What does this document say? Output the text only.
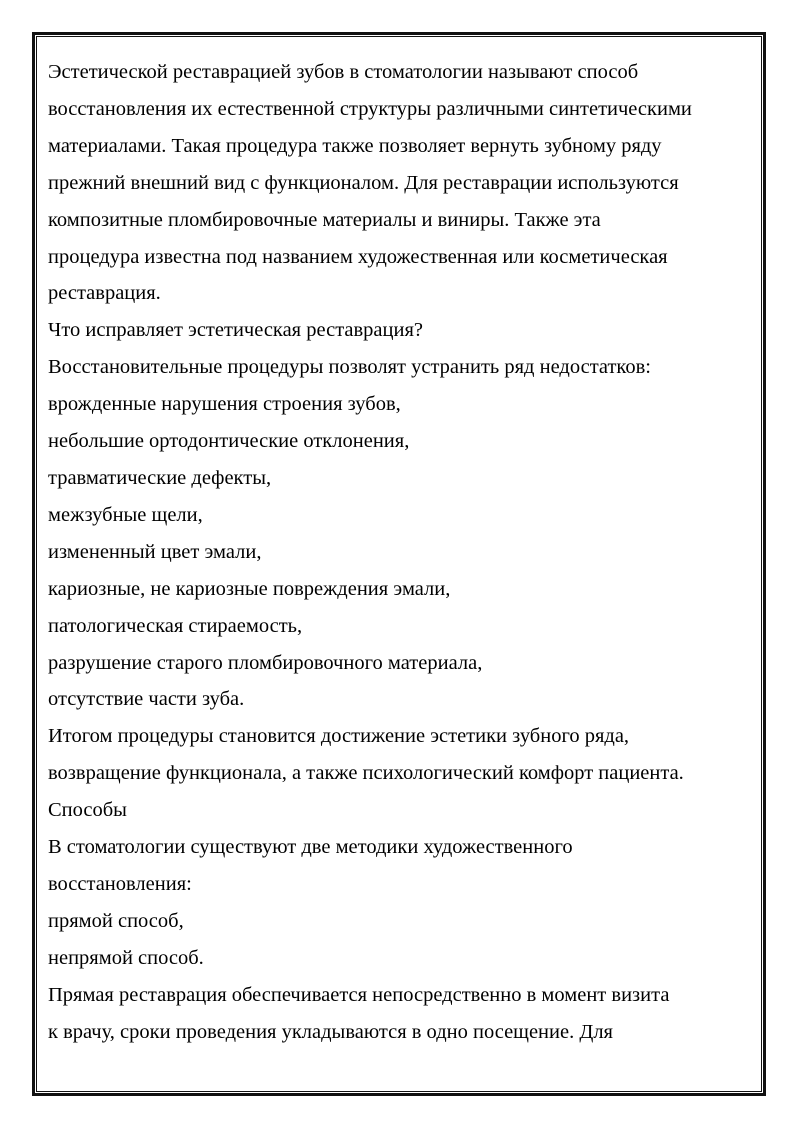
Эстетической реставрацией зубов в стоматологии называют способ
восстановления их естественной структуры различными синтетическими
материалами. Такая процедура также позволяет вернуть зубному ряду
прежний внешний вид с функционалом. Для реставрации используются
композитные пломбировочные материалы и виниры. Также эта
процедура известна под названием художественная или косметическая
реставрация.
Что исправляет эстетическая реставрация?
Восстановительные процедуры позволят устранить ряд недостатков:
врожденные нарушения строения зубов,
небольшие ортодонтические отклонения,
травматические дефекты,
межзубные щели,
измененный цвет эмали,
кариозные, не кариозные повреждения эмали,
патологическая стираемость,
разрушение старого пломбировочного материала,
отсутствие части зуба.
Итогом процедуры становится достижение эстетики зубного ряда,
возвращение функционала, а также психологический комфорт пациента.
Способы
В стоматологии существуют две методики художественного
восстановления:
прямой способ,
непрямой способ.
Прямая реставрация обеспечивается непосредственно в момент визита
к врачу, сроки проведения укладываются в одно посещение. Для
